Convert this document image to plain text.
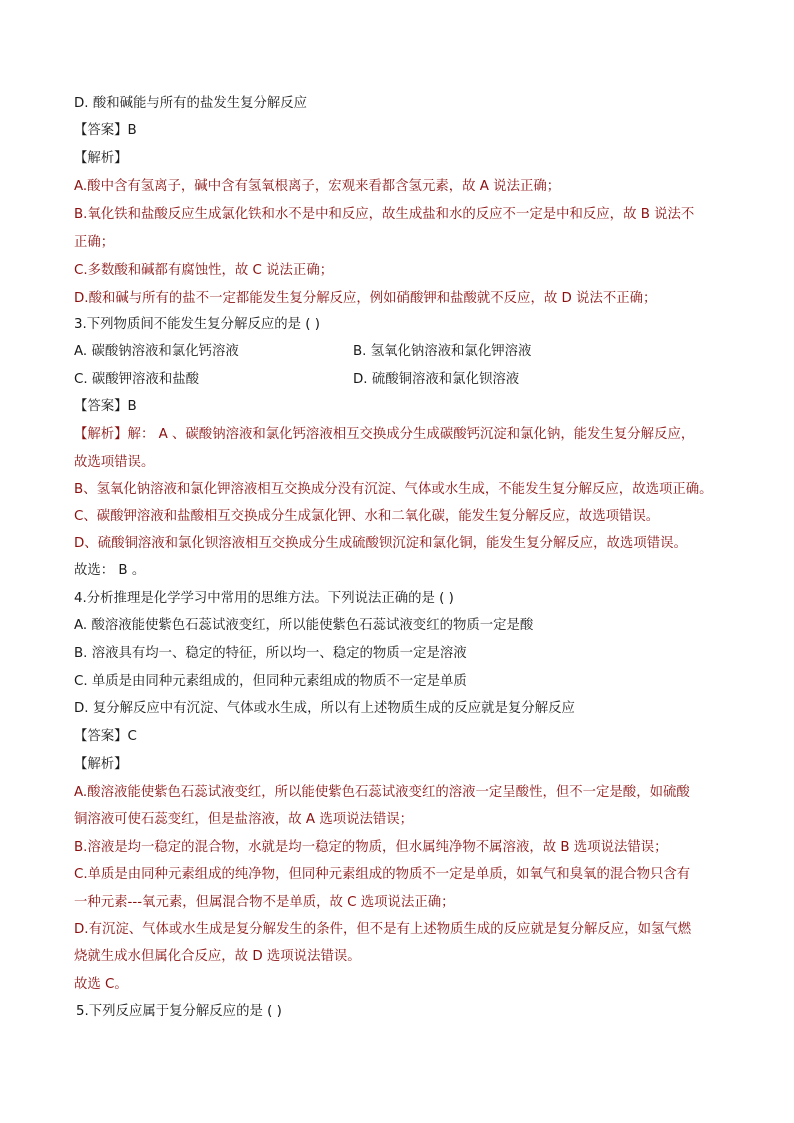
D. 酸和碱能与所有的盐发生复分解反应
【答案】B
【解析】
A.酸中含有氢离子，碱中含有氢氧根离子，宏观来看都含氢元素，故 A 说法正确；
B.氧化铁和盐酸反应生成氯化铁和水不是中和反应，故生成盐和水的反应不一定是中和反应，故 B 说法不
正确；
C.多数酸和碱都有腐蚀性，故 C 说法正确；
D.酸和碱与所有的盐不一定都能发生复分解反应，例如硝酸钾和盐酸就不反应，故 D 说法不正确；
3.下列物质间不能发生复分解反应的是 ( )
A. 碳酸钠溶液和氯化钙溶液	B. 氢氧化钠溶液和氯化钾溶液
C. 碳酸钾溶液和盐酸	D. 硫酸铜溶液和氯化钡溶液
【答案】B
【解析】解： A 、碳酸钠溶液和氯化钙溶液相互交换成分生成碳酸钙沉淀和氯化钠，能发生复分解反应，
故选项错误。
B、氢氧化钠溶液和氯化钾溶液相互交换成分没有沉淀、气体或水生成，不能发生复分解反应，故选项正确。
C、碳酸钾溶液和盐酸相互交换成分生成氯化钾、水和二氧化碳，能发生复分解反应，故选项错误。
D、硫酸铜溶液和氯化钡溶液相互交换成分生成硫酸钡沉淀和氯化铜，能发生复分解反应，故选项错误。
故选： B 。
4.分析推理是化学学习中常用的思维方法。下列说法正确的是 ( )
A. 酸溶液能使紫色石蕊试液变红，所以能使紫色石蕊试液变红的物质一定是酸
B. 溶液具有均一、稳定的特征，所以均一、稳定的物质一定是溶液
C. 单质是由同种元素组成的，但同种元素组成的物质不一定是单质
D. 复分解反应中有沉淀、气体或水生成，所以有上述物质生成的反应就是复分解反应
【答案】C
【解析】
A.酸溶液能使紫色石蕊试液变红，所以能使紫色石蕊试液变红的溶液一定呈酸性，但不一定是酸，如硫酸
铜溶液可使石蕊变红，但是盐溶液，故 A 选项说法错误；
B.溶液是均一稳定的混合物，水就是均一稳定的物质，但水属纯净物不属溶液，故 B 选项说法错误；
C.单质是由同种元素组成的纯净物，但同种元素组成的物质不一定是单质，如氧气和臭氧的混合物只含有
一种元素---氧元素，但属混合物不是单质，故 C 选项说法正确；
D.有沉淀、气体或水生成是复分解发生的条件，但不是有上述物质生成的反应就是复分解反应，如氢气燃
烧就生成水但属化合反应，故 D 选项说法错误。
故选 C。
5.下列反应属于复分解反应的是 ( )
